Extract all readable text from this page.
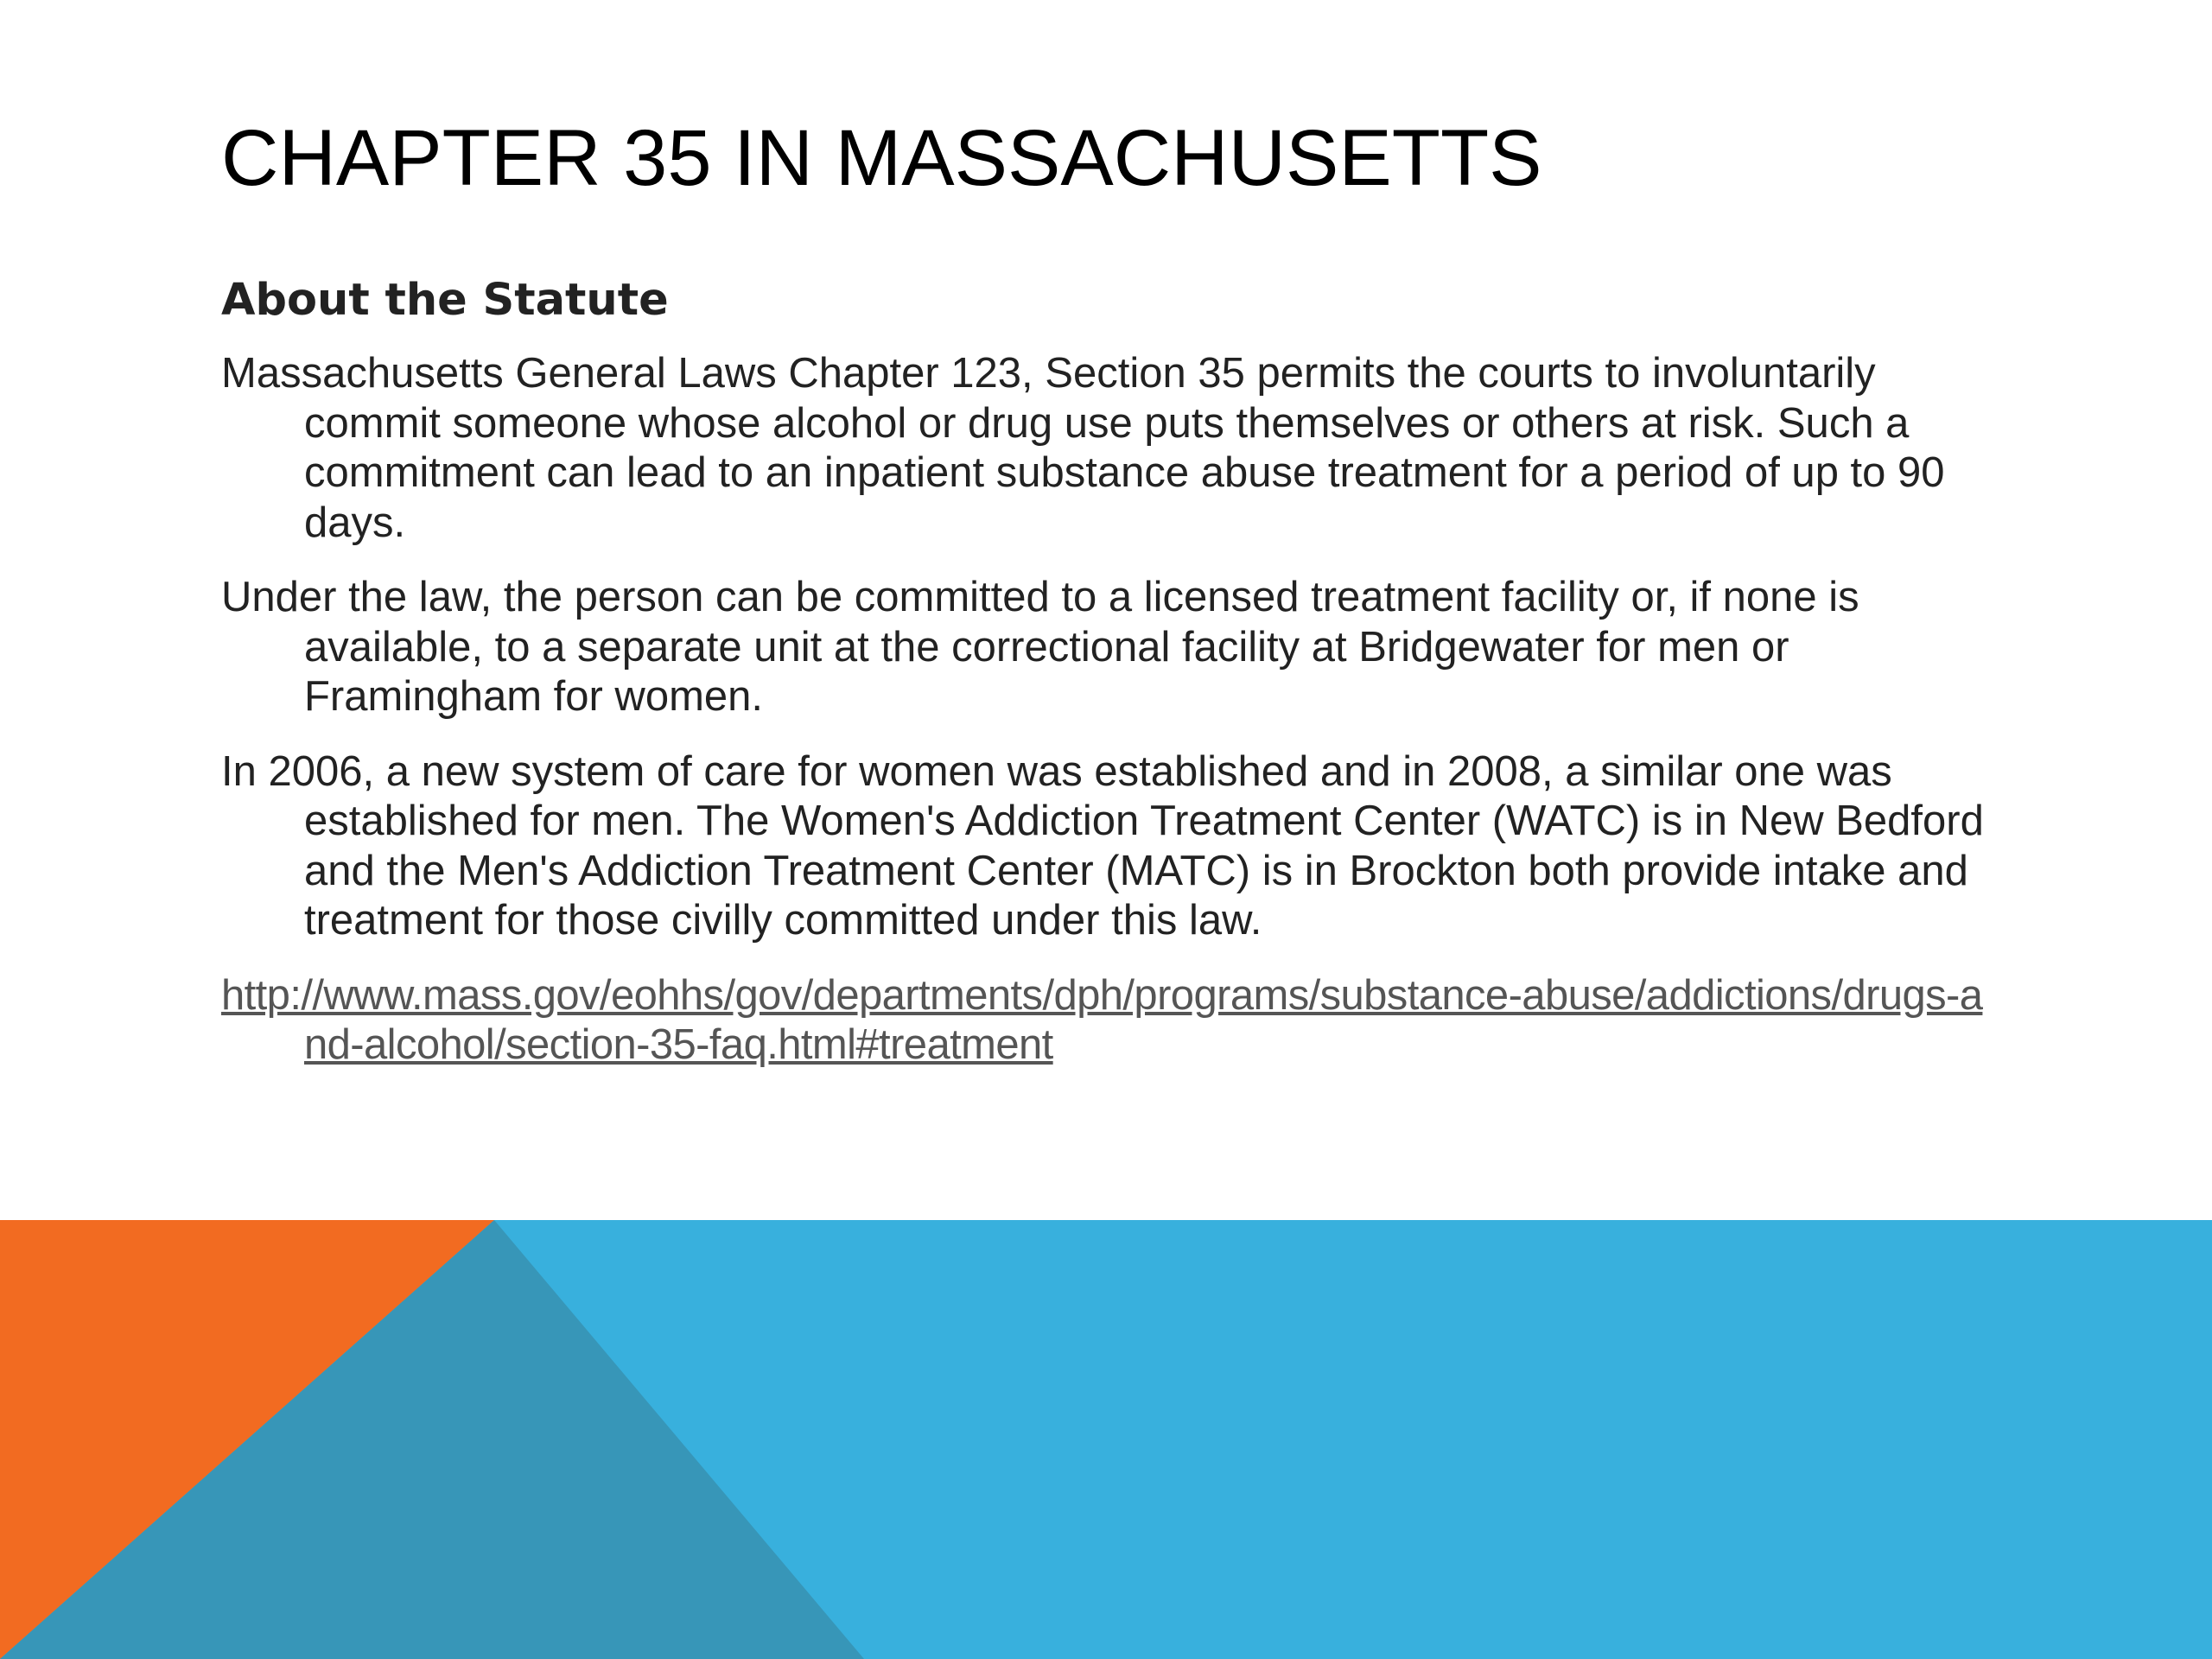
CHAPTER 35 IN MASSACHUSETTS
About the Statute

Massachusetts General Laws Chapter 123, Section 35 permits the courts to involuntarily commit someone whose alcohol or drug use puts themselves or others at risk. Such a commitment can lead to an inpatient substance abuse treatment for a period of up to 90 days.

Under the law, the person can be committed to a licensed treatment facility or, if none is available, to a separate unit at the correctional facility at Bridgewater for men or Framingham for women.

In 2006, a new system of care for women was established and in 2008, a similar one was established for men. The Women's Addiction Treatment Center (WATC) is in New Bedford and the Men's Addiction Treatment Center (MATC) is in Brockton both provide intake and treatment for those civilly committed under this law.

http://www.mass.gov/eohhs/gov/departments/dph/programs/substance-abuse/addictions/drugs-and-alcohol/section-35-faq.html#treatment
